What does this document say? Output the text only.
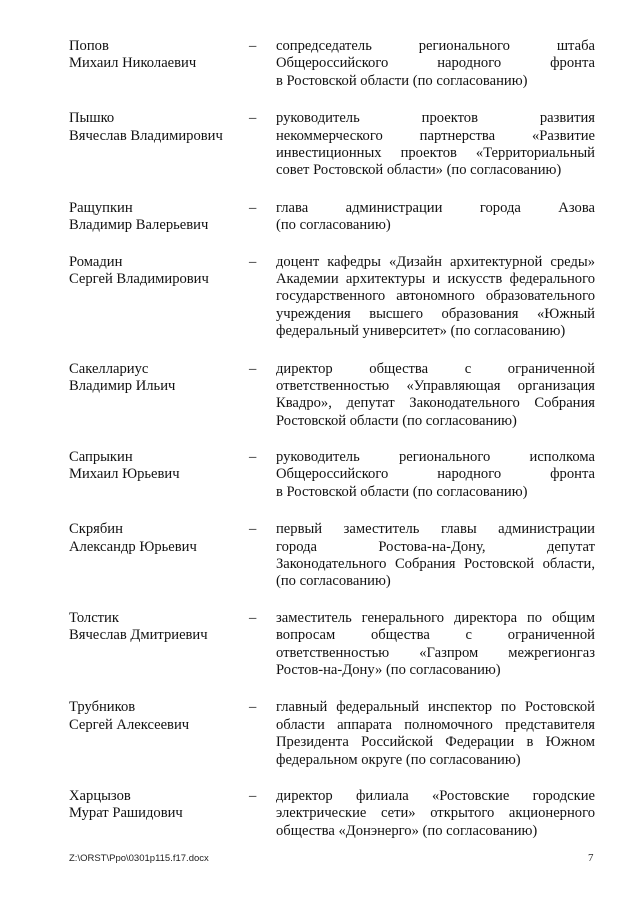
Попов
Михаил Николаевич
–	сопредседатель регионального штаба
Общероссийского народного фронта
в Ростовской области (по согласованию)
Пышко
Вячеслав Владимирович
–	руководитель проектов развития
некоммерческого партнерства «Развитие
инвестиционных проектов «Территориальный
совет Ростовской области» (по согласованию)
Ращупкин
Владимир Валерьевич
–	глава администрации города Азова
(по согласованию)
Ромадин
Сергей Владимирович
–	доцент кафедры «Дизайн архитектурной среды»
Академии архитектуры и искусств федерального
государственного автономного образовательного
учреждения высшего образования «Южный
федеральный университет» (по согласованию)
Сакеллариус
Владимир Ильич
–	директор общества с ограниченной
ответственностью «Управляющая организация
Квадро», депутат Законодательного Собрания
Ростовской области (по согласованию)
Сапрыкин
Михаил Юрьевич
–	руководитель регионального исполкома
Общероссийского народного фронта
в Ростовской области (по согласованию)
Скрябин
Александр Юрьевич
–	первый заместитель главы администрации
города Ростова-на-Дону, депутат
Законодательного Собрания Ростовской области,
(по согласованию)
Толстик
Вячеслав Дмитриевич
–	заместитель генерального директора по общим
вопросам общества с ограниченной
ответственностью «Газпром межрегионгаз
Ростов-на-Дону» (по согласованию)
Трубников
Сергей Алексеевич
–	главный федеральный инспектор по Ростовской
области аппарата полномочного представителя
Президента Российской Федерации в Южном
федеральном округе (по согласованию)
Харцызов
Мурат Рашидович
–	директор филиала «Ростовские городские
электрические сети» открытого акционерного
общества «Донэнерго» (по согласованию)
Z:\ORST\Ppo\0301p115.f17.docx	7
